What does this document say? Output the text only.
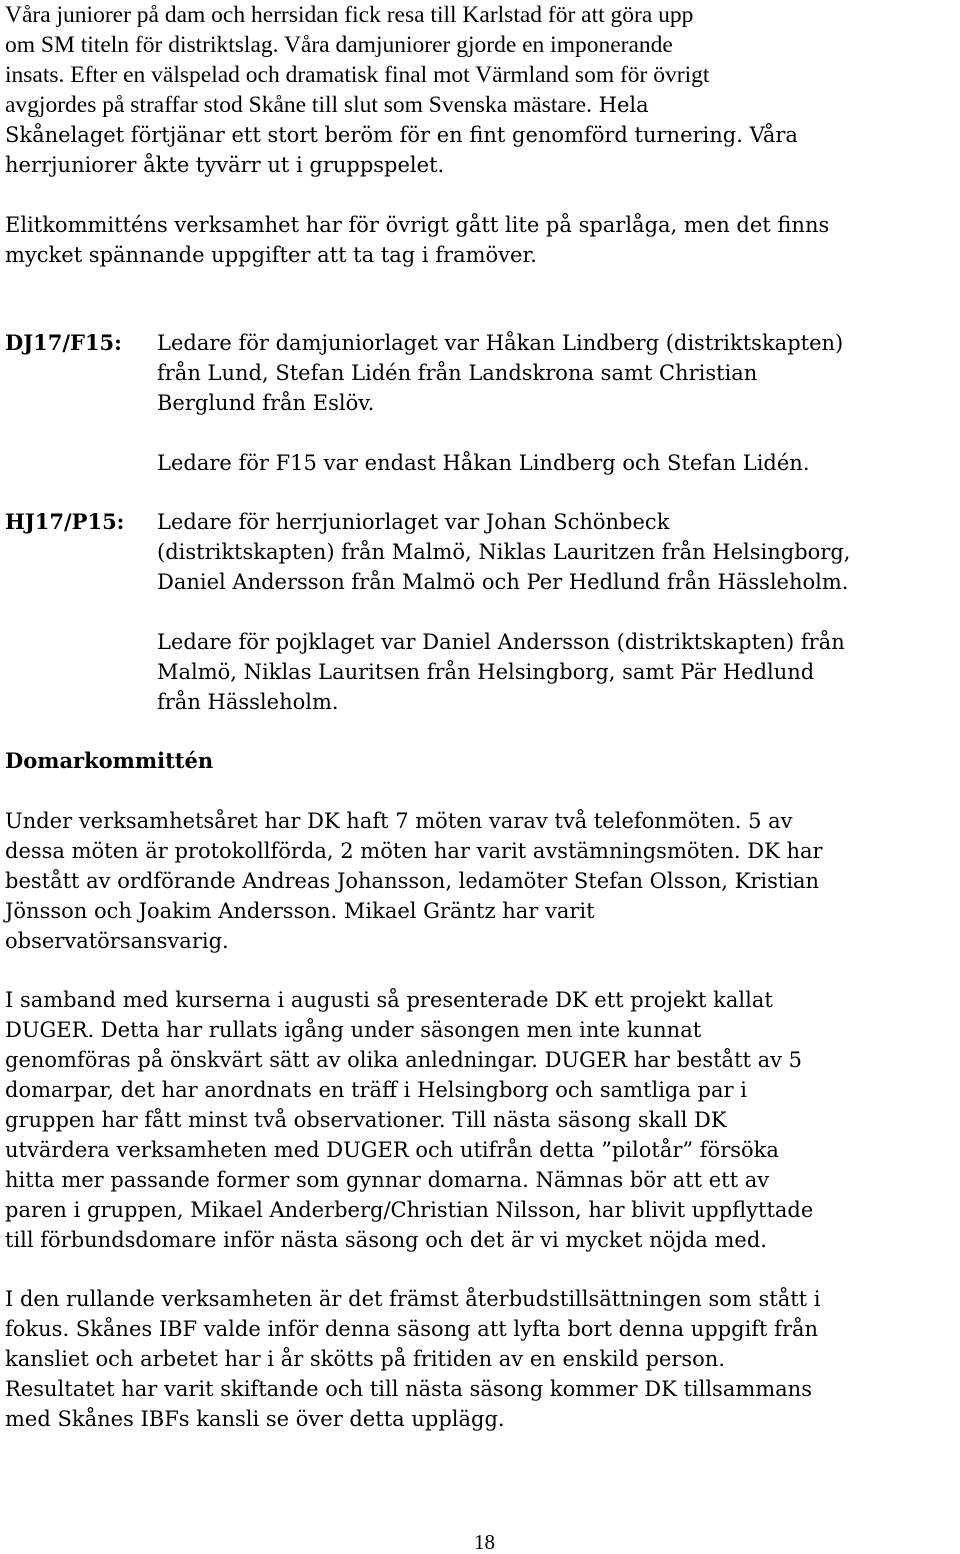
Våra juniorer på dam och herrsidan fick resa till Karlstad för att göra upp
om SM titeln för distriktslag. Våra damjuniorer gjorde en imponerande
insats. Efter en välspelad och dramatisk final mot Värmland som för övrigt
avgjordes på straffar stod Skåne till slut som Svenska mästare. Hela
Skånelaget förtjänar ett stort beröm för en fint genomförd turnering. Våra
herrjuniorer åkte tyvärr ut i gruppspelet.

Elitkommitténs verksamhet har för övrigt gått lite på sparlåga, men det finns
mycket spännande uppgifter att ta tag i framöver.

DJ17/F15: Ledare för damjuniorlaget var Håkan Lindberg (distriktskapten)
från Lund, Stefan Lidén från Landskrona samt Christian
Berglund från Eslöv.

Ledare för F15 var endast Håkan Lindberg och Stefan Lidén.

HJ17/P15: Ledare för herrjuniorlaget var Johan Schönbeck
(distriktskapten) från Malmö, Niklas Lauritzen från Helsingborg,
Daniel Andersson från Malmö och Per Hedlund från Hässleholm.

Ledare för pojklaget var Daniel Andersson (distriktskapten) från
Malmö, Niklas Lauritsen från Helsingborg, samt Pär Hedlund
från Hässleholm.

Domarkommittén

Under verksamhetsåret har DK haft 7 möten varav två telefonmöten. 5 av
dessa möten är protokollförda, 2 möten har varit avstämningsmöten. DK har
bestått av ordförande Andreas Johansson, ledamöter Stefan Olsson, Kristian
Jönsson och Joakim Andersson. Mikael Gräntz har varit
observatörsansvarig.

I samband med kurserna i augusti så presenterade DK ett projekt kallat
DUGER. Detta har rullats igång under säsongen men inte kunnat
genomföras på önskvärt sätt av olika anledningar. DUGER har bestått av 5
domarpar, det har anordnats en träff i Helsingborg och samtliga par i
gruppen har fått minst två observationer. Till nästa säsong skall DK
utvärdera verksamheten med DUGER och utifrån detta ”pilotår” försöka
hitta mer passande former som gynnar domarna. Nämnas bör att ett av
paren i gruppen, Mikael Anderberg/Christian Nilsson, har blivit uppflyttade
till förbundsdomare inför nästa säsong och det är vi mycket nöjda med.

I den rullande verksamheten är det främst återbudstillsättningen som stått i
fokus. Skånes IBF valde inför denna säsong att lyfta bort denna uppgift från
kansliet och arbetet har i år skötts på fritiden av en enskild person.
Resultatet har varit skiftande och till nästa säsong kommer DK tillsammans
med Skånes IBFs kansli se över detta upplägg.

18
